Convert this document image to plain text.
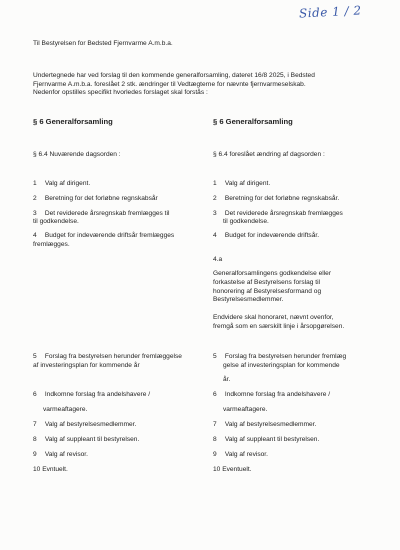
Side 1 / 2
Til Bestyrelsen for Bedsted Fjernvarme A.m.b.a.
Undertegnede har ved forslag til den kommende generalforsamling, dateret 16/8 2025, i Bedsted
Fjernvarme A.m.b.a. foreslået 2 stk. ændringer til Vedtægterne for nævnte fjernvarmeselskab.
Nedenfor opstilles specifikt hvorledes forslaget skal forstås :
§ 6 Generalforsamling
§ 6.4 Nuværende dagsorden :
1 Valg af dirigent.
2 Beretning for det forløbne regnskabsår
3 Det reviderede årsregnskab fremlægges til
til godkendelse.
4 Budget for indeværende driftsår fremlægges
fremlægges.
5 Forslag fra bestyrelsen herunder fremlæggelse
af investeringsplan for kommende år
6 Indkomne forslag fra andelshavere /
varmeaftagere.
7 Valg af bestyrelsesmedlemmer.
8 Valg af suppleant til bestyrelsen.
9 Valg af revisor.
10 Evntuelt.
§ 6 Generalforsamling
§ 6.4 foreslået ændring af dagsorden :
1 Valg af dirigent.
2 Beretning for det forløbne regnskabsår.
3 Det reviderede årsregnskab fremlægges
til godkendelse.
4 Budget for indeværende driftsår.
4.a
Generalforsamlingens godkendelse eller
forkastelse af Bestyrelsens forslag til
honorering af Bestyrelsesformand og
Bestyrelsesmedlemmer.
Endvidere skal honoraret, nævnt ovenfor,
fremgå som en særskilt linje i årsopgørelsen.
5 Forslag fra bestyrelsen herunder fremlæg
gelse af investeringsplan for kommende
år.
6 Indkomne forslag fra andelshavere /
varmeaftagere.
7 Valg af bestyrelsesmedlemmer.
8 Valg af suppleant til bestyrelsen.
9 Valg af revisor.
10 Eventuelt.
